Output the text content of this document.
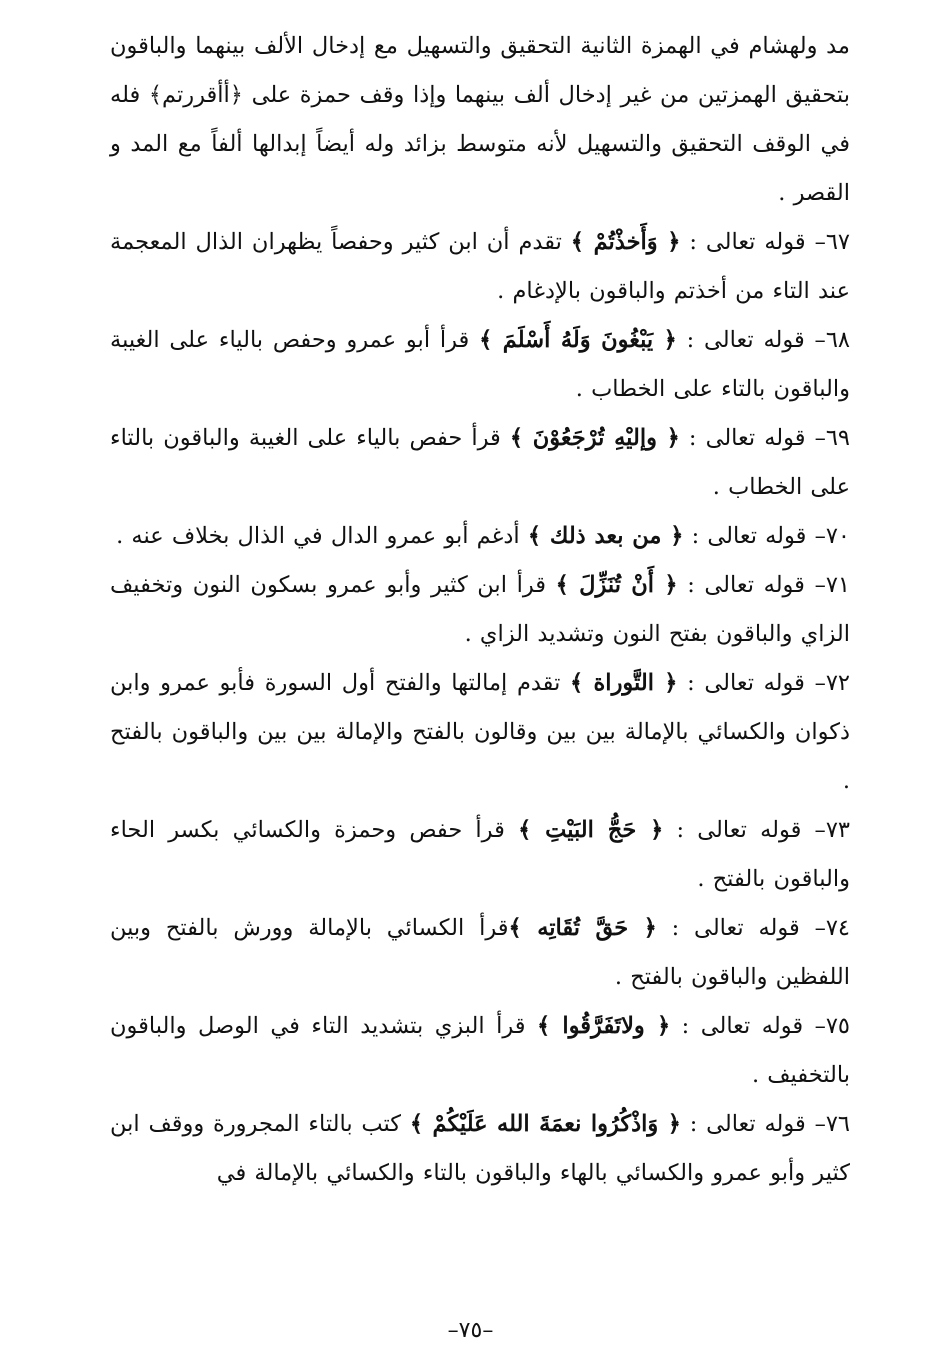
مد ولهشام في الهمزة الثانية التحقيق والتسهيل مع إدخال الألف بينهما والباقون بتحقيق الهمزتين من غير إدخال ألف بينهما وإذا وقف حمزة على ﴿أأقررتم﴾ فله في الوقف التحقيق والتسهيل لأنه متوسط بزائد وله أيضاً إبدالها ألفاً مع المد و القصر .

٦٧– قوله تعالى : ﴿ وَأَخذْتُمْ ﴾ تقدم أن ابن كثير وحفصاً يظهران الذال المعجمة عند التاء من أخذتم والباقون بالإدغام .

٦٨– قوله تعالى : ﴿ يَبْغُونَ وَلَهُ أَسْلَمَ ﴾ قرأ أبو عمرو وحفص بالياء على الغيبة والباقون بالتاء على الخطاب .

٦٩– قوله تعالى : ﴿ وإليْهِ تُرْجَعُوْنَ ﴾ قرأ حفص بالياء على الغيبة والباقون بالتاء على الخطاب .

٧٠– قوله تعالى : ﴿ من بعد ذلك ﴾ أدغم أبو عمرو الدال في الذال بخلاف عنه .

٧١– قوله تعالى : ﴿ أَنْ تُنَزِّلَ ﴾ قرأ ابن كثير وأبو عمرو بسكون النون وتخفيف الزاي والباقون بفتح النون وتشديد الزاي .

٧٢– قوله تعالى : ﴿ التَّوراة ﴾ تقدم إمالتها والفتح أول السورة فأبو عمرو وابن ذكوان والكسائي بالإمالة بين بين وقالون بالفتح والإمالة بين بين والباقون بالفتح .

٧٣– قوله تعالى : ﴿ حَجُّ البَيْتِ ﴾ قرأ حفص وحمزة والكسائي بكسر الحاء والباقون بالفتح .

٧٤– قوله تعالى : ﴿ حَقَّ تُقَاتِه ﴾قرأ الكسائي بالإمالة وورش بالفتح وبين اللفظين والباقون بالفتح .

٧٥– قوله تعالى : ﴿ ولاتَفَرَّقُوا ﴾ قرأ البزي بتشديد التاء في الوصل والباقون بالتخفيف .

٧٦– قوله تعالى : ﴿ وَاذْكُرُوا نعمَةَ الله عَلَيْكُمْ ﴾ كتب بالتاء المجرورة ووقف ابن كثير وأبو عمرو والكسائي بالهاء والباقون بالتاء والكسائي بالإمالة في

–٧٥–
